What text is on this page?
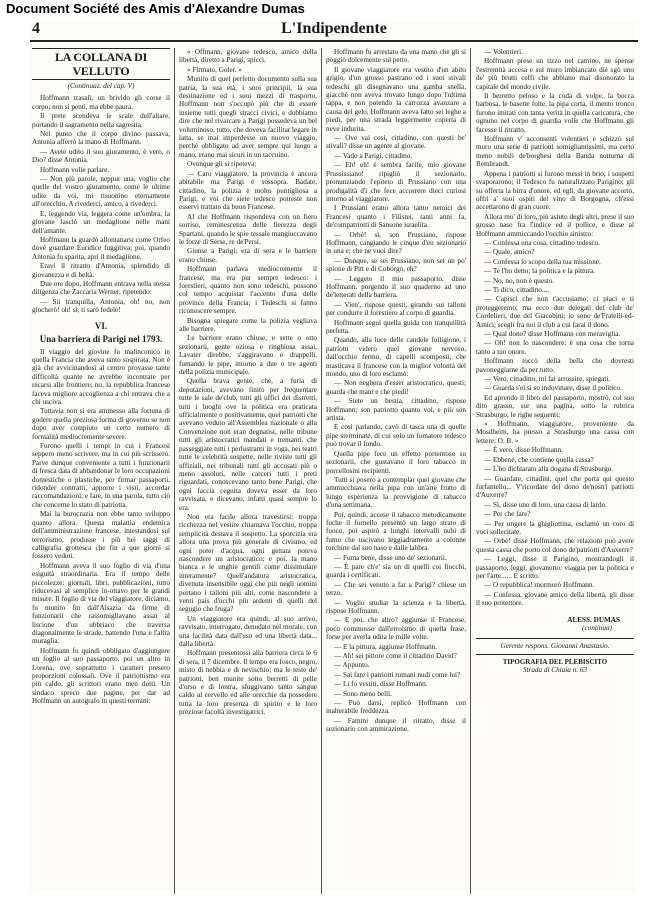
Document Société des Amis d'Alexandre Dumas
4	L'Indipendente
LA COLLANA DI VELLUTO
(Continuaz. del cap. V)

Hoffmann trasalì, un brivido gli corse il corpo; non si pentì, ma ebbe paura.

Il prete scendeva le scale dell'altare, portando il sagramento nella sagrestia.

Nel punto che il corpo divino passava, Antonia afferrò la mano di Hoffmann.

— Avete udito il suo giuramento, è vero, o Dio? disse Antonia.

Hoffmann volle parlare.

— Non più parole, neppur una; voglio che quelle del vostro giuramento, come le ultime udite da voi, mi risuonino eternamente all'orecchio. A rivederci, amico, a rivederci.

E, leggendo via, leggera come un'ombra, la giovane lasciò un medaglione nelle mani dell'amante.

Hoffmann la guardò allontanarsi come Orfeo dové guardare Euridice fuggitiva; poi, quando Antonia fu sparita, aprì il medaglione.

Eravi il ritratto d'Antonia, splendido di giovanezza e di beltà.

Due ore dopo, Hoffmann entrava nella stessa diligenza che Zaccaria Werner, ripetendo:

— Sii tranquilla, Antonia, oh! no, non giocherò! oh! sì, ti sarò fedele!

VI.
Una barriera di Parigi nel 1793.

Il viaggio del giovine fu malinconico in quella Francia che aveva tanto sospirata. Non è già che avvicinandosi al centro provasse tante difficoltà quante ne avrebbe incontrate per recarsi alle frontiere; no, la repubblica francese faceva migliore accoglienza a chi entrava che a chi usciva.

Tuttavia non si era ammesso alla fortuna di godere quella preziosa forma di governo se non dopo aver compiuto un certo numero di formalità mediocremente severe.

Furono quelli i tempi in cui i Francesi seppero meno scrivere, ma in cui più scrissero. Parve dunque conveniente a tutti i funzionarii di fresca data di abbandonar le loro occupazioni domestiche o plastiche, per firmar passaporti, ridonder contratti, apporre i visti, accordar raccomandazioni, e fare, in una parola, tutto ciò che concerne lo stato di patriotta.

Mai la burocrazia non ebbe tanto sviluppo quanto allora. Questa malattia endemica dell'amministrazione francese, intestandosi sul terrorismo, produsse i più bei saggi di calligrafia grottesca che fin a que giorni si fossero veduti.

Hoffmann aveva il suo foglio di via d'una esiguità straordinaria. Era il tempo delle piccolezze: giornali, libri, pubblicazioni, tutto riducevasi al semplice in-ottavo per le grandi misure. Il foglio di via del viaggiatore, diciamo, fu munito fin dall'Alsazia da firme di funzionarii che rassomigliavano assai al liscione d'un ubbriaco che traversa diagonalmente le strade, battendo l'una e l'altra muraglia.

Hoffmann fu quindi obbligato d'aggiungere un foglio al suo passaporto, poi un altro in Lorena, ove soprattutto i caratteri presero proporzioni colossali. Ove il patriottismo era più caldo, gli scrittori erano men dotti. Un sindaco spreco due pagine, per dar ad Hoffmann un autografo in questi termini:

« Offmann, giovane tedesco, amico della libertà, diretto a Parigi, spicci.

« Firmato, Goler. »

Munito di quel perfetto documento sulla sua patria, la sua età, i suoi principii, la sua destinazione ed i suoi mezzi di trasporto, Hoffmann non s'occupò più che di essere insieme tutti quegli stracci civici, e dobbiamo dire che nel rivarcare a Parigi possedeva un bel voluminoso, tutto, che doveva facilitar legare in latta, se mai imperdesse un nuovo viaggio, perchè obbligato ad aver sempre qui luogo a mano, erano mai sicuri in un taccuino.

Ovunque gli si ripeteva:

— Caro viaggiatore, la provincia è ancora abitabile ma Parigi è sossopra. Badate, cittadino, la polizia è molto puntigliosa a Parigi, e voi che siete tedesco potreste non esservi trattato da buon Francese.

Al che Hoffmann rispondeva con un fiero sorriso, reminescenza delle fierezza degli Spartani, quando le spie tessale mangiuccavano le forze di Serse, re de'Persi.

Giunse a Parigi; era di sera e le barriere erano chiuse.

Hoffmann parlava mediocremente il francese, ma era pur sempre tedesco: i forestieri, quanto non sono tedeschi, possono col tempo acquistar l'accento d'una delle province della Francia; i Tedeschi si fanno riconoscere sempre.

Bisogna spiegare come la polizia vegliava alle barriere.

Le barriere erano chiuse, e sette o otto sezionarii, gente oziosa e ringhiosa assai, Lavater direbbe, s'aggiravano e drappelli, fumando le pipe, intorno a due o tre agenti della polizia municipale.

Quella brava gente, che, a furia di deputazioni, avevano finito per frequentare tutte le sale de'club, tutti gli uffici dei distretti, tutti i luoghi ove la politica era praticata ufficialmente o positivamente, quei patriotti che avevano veduto all'Assemblea nazionale o alla Convenzione non eran degnatisi, nelle tribune tutti gli aristocratici mandati e tremanti, che passeggiate tutti i perlustranti in voga, nei teatri tutte le celebrità sospette, nelle riviste tutti gli uffiziali, nei tribunali tutti gli accusati più o meno assoluti, nelle carceri tutti i preti riguardati, conoscevano tanto bene Parigi, che ogni faccia ceguita doveva esser da loro ravvisata, e dicevano, infatti quasi sempre lo era.

Non era facile allora travestirsi: troppa ricchezza nel vestire chiamava l'occhio, troppa semplicità destava il sospetto. La sporcizia era allora una prova più generale di civismo, ed ogni poter d'acqua, ogni gettata poteva nascondere un aristocratico; e poi, la mano bianca e le unghie gentili come dissimulare interamente? Quell'andatura aristocratica, divenuta insensibile oggi che più negli uomini portano i talloni più alti, come nascondere a venti pais d'occhi più ardenti di quelli del segugio che fruga?

Un viaggiatore era quindi, al suo arrivo, ravvisato, interrogato, denudato nel morale, con una facilità data dall'uso ed una libertà data... dalla libertà.

Hoffmann presentossi alla barriera circa le 6 di sera, il 7 dicembre. Il tempo era fosco, negro, misto di nebbia e di nevischio; ma le teste de' patriotti, ben munite sotto berretti di pelle d'orso e di lontra, sfuggivano tanto sangue caldo al cervello ed alle orecchie da possedere tutta la loro presenza di spirito e le loro preziose facoltà investigatrici.

Hoffmann fu arrestato da una mano che gli si poggiò dolcemente sul petto.

Il giovane viaggiatore era vestito d'un abito grigio, d'un grosso pastrano ed i suoi stivali tedeschi gli disegnavano una gamba snella, giacchè non aveva trovato lungo dopo l'ultima tappa, e non potendo la carrozza avanzare a causa del gelo, Hoffmann aveva fatto sei leghe a piedi, per una strada leggermente coperta di neve indurita.

— Ove vai così, cittadino, con questi be' stivali? disse un agente al giovane.

— Vado a Parigi, cittadino.

— Eh! eh! è sembra facile, mio giovane Prussissiano! ripigliò il sezionario, pronunziando l'epiteto di Prussiano con una prodigalità d'i che fece accorrere dieci curiosi intorno al viaggiatore.

I Prussiani erano allora tanto nemici dei Francesi quanto i Filistei, tanti anni fa, de'compatriotti di Sansone israelita.

— Orbè! sì, son Prussiano, rispose Hoffmann, cangiando le cinque d'eu sezionario in una e; che ne vuoi dire?

— Dunque, se sei Prussiano, non sei un po' spione di Pitt e di Coborgo, eh?

— Leggete il mio passaporto, disse Hoffmann, porgendo il suo quaderno ad uno de'letterati della barriera.

— Vien', rispose questi, girando sui talloni per condurre il forestiero al corpo di guardia.

Hoffmann seguì quella guida con tranquillità perfetta.

Quando, alla luce delle candele folligione, i patriotti videro quel giovane nervoso, dall'occhio fermo, di capelli scompostì, che masticava il francese con la miglior volontà del mondo, uno di loro esclamò:

— Non neghera d'esser aristocratico, questi; guarda che mani e che piedi!

— Siete un bestia, cittadino, rispose Hoffmann; son patriotto quanto voi, e più son artista.

E così parlando, cavò di tasca una di quelle pipe sterminate, di cui solo un fumatore tedesco può trovar il fondo.

Quella pipe fece un effetto portentoso su sezionarii, che gustavano il loro tabacco in porcellosini recipienti.

Tutti si posero a contemplar quel giovane che ammucchiava nella pipa con un'arte frutto di lungo esperienza la provvigione di tabacco d'una settimana.

Poi, quindi, accese il tabacco metodicamente fuche il fornello presentò un largo strato di fuoco, poi aspirò a lunghi intervalli nubi di fumo che uscivano leggiadramente a colonne turchine dal suo naso e dalle labbra.

— Fuma bene, disse uno de' sezionarii.

— È pare ch'e' sia un di quelli coi fiocchi, guarda i certificati.

— Che sei venuto a far a Parigi? chiese un terzo.

— Voglio studiar la scienza e la libertà, rispose Hoffmann.

— E poi, che altro? aggiunse il Francese, poco commosso dall'erroismo di quella frase, forse per averla udita le mille volte.

— E la pittura, aggiunse Hoffmann.

— Ah! sei pittore come il cittadino David?

— Appunto.

— Sai fare i patriotti romani nudi come lui?

— Li fo vestiti, disse Hoffmann.

— Sono meno belli.

— Può darsi, replicò Hoffmann con inalterabile freddezza.

— Fammi dunque il ritratto, disse il sezionario con ammirazione.

— Volentieri.

Hoffmann prese un tizzo nel camino, ne spense l'estremità accesa e sul muro imbiancato diè sgò uno de' più brutti ceffi che abbiano mai disonorato la capitale del mondo civile.

Il berretto peloso e la coda di volpe, la bocca barbosa, le basette folte, la pipa corta, il mento tronco furono imitati con tanta verità in quella caricatura, che ognuno nel corpo di guardia volle che Hoffmann gli facesse il ritratto.

Hoffmann v' acconsentì volentieri e schizzò sul muro una serie di patriotti somigliantissimi, ma certo meno nobili de'borghesi della Banda notturna di Rembrandt.

Appena i patriotti si furono messi in brio, i sospetti svaporarono; il Tedesco fu naturalizzato Parigino; gli su offerta la birra d'onore, ed egli, da giovane accorto, offrì a' suoi ospiti del vino di Borgogna, ch'essi accettarono di gran cuore.

Allora mo' di loro, più astuto degli altri, prese il suo grosso naso fra l'indice ed il pollice, e disse al Hoffmann ammiccando l'occhio sinistro:

— Confessa una cosa, cittadino tedesco.

— Quale, amico?

— Confessa lo scopo della tua missione.

— Te l'ho detto; la politica e la pittura.

— No, no, non è questo.

— Ti dico, cittadino....

— Capisci che non t'accusiamo; ci piaci e ti proteggeremo; ma ecco due delegati del club de' Cordelieri, due del Giacobini; io sono de'Fratelli-ed-Amici; scegli fra noi il club a cui farai il dono.

— Qual dono? disse Hoffmann con meraviglia.

— Oh! non lo nascondere: è una cosa che torna tanto a tuo onore.

Hoffmann toccò della bella che dovresti pavoneggiarne da per tutto.

— Vero, cittadino, mi fai arrossire, spiegati.

— Guarda s'ei si so indovinare, disse il politico.

Ed aprendo il libro del passaporto, mostrò, col suo dito grasso, sur una pagina, sotto la rubrica Strasburgo, le righe seguenti:

« Hoffmann, viaggiatore, proveniente da Mosdheim, ha presso a Strasburgo una cassa con lettere: O. B. »

— È vero, disse Hoffmann.

— Ebbene, che contiene quella cassa?

— L'ho dichiarato alla dogana di Strasburgo.

— Guardate, cittadini, quel che porta qui questo furfantello... V'ricordate del dono de'nostri patriotti d'Auxerre?

— Sì, disse uno di loro, una cassa di lardo.

— Per che fare?

— Per ungere la ghigliottina, esclamò un coro di voci sollecitate.

— Orbè! disse Hoffmann, che relazioni può avere questa cassa che porto col dono de'patriotti d'Auxerre?

— Leggi, disse il Parigino, mostrandogli il passaporto, leggi, giovanotto: viaggia per la politica e per l'arte...... È scritto.

— O repubblica! mormorò Hoffmann.

— Confessa, giovane amico della libertà, gli disse il suo protettore.

ALESS. DUMAS
(continua)
Gerente respons. Giovanni Anastasio.
TIPOGRAFIA DEL PLEBISCITO
Strada di Chiaia n. 63
